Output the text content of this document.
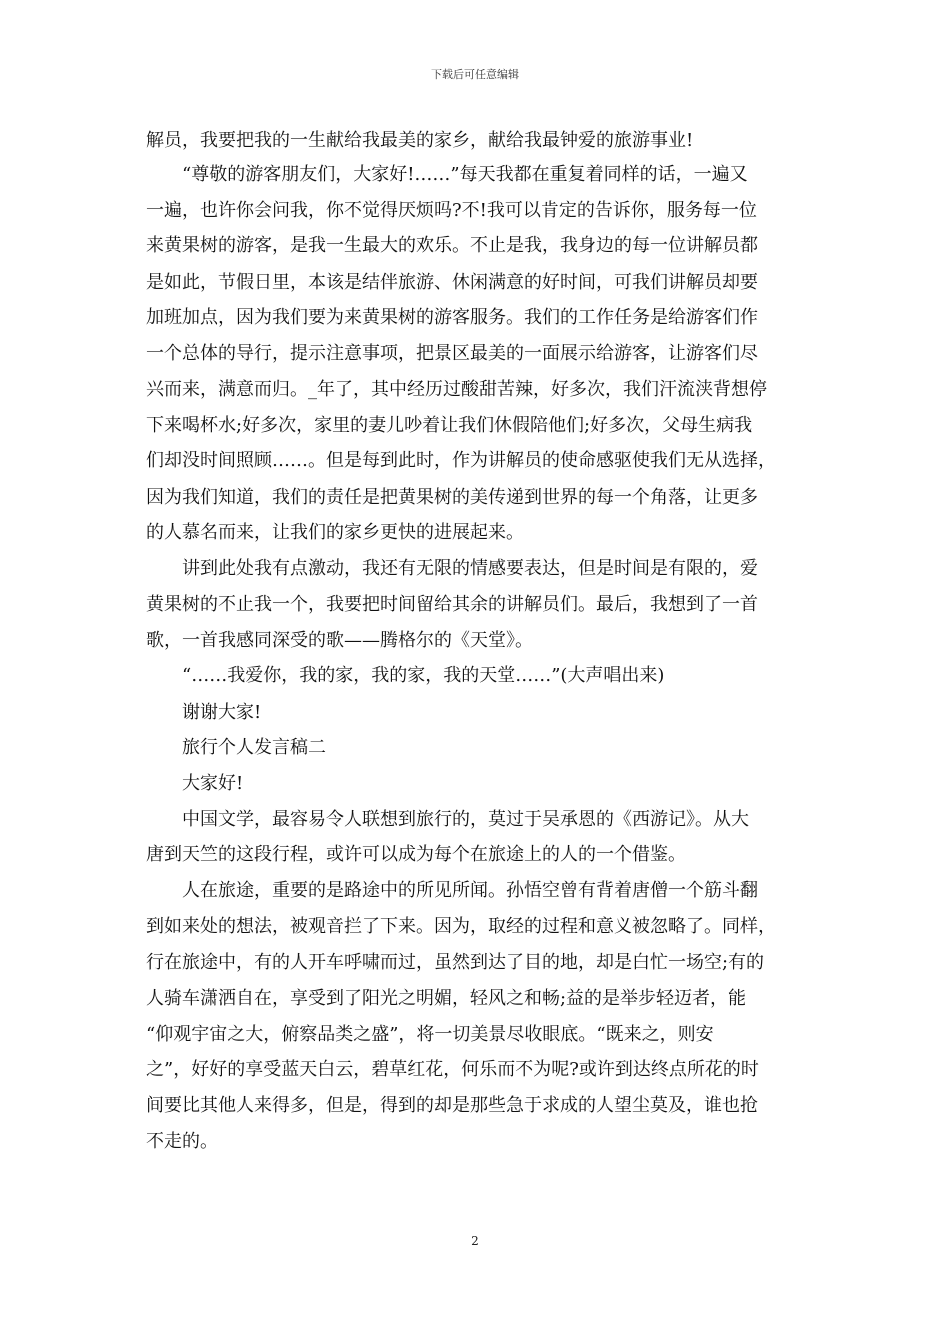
下载后可任意编辑
解员，我要把我的一生献给我最美的家乡，献给我最钟爱的旅游事业!
“尊敬的游客朋友们，大家好!……”每天我都在重复着同样的话，一遍又
一遍，也许你会问我，你不觉得厌烦吗?不!我可以肯定的告诉你，服务每一位
来黄果树的游客，是我一生最大的欢乐。不止是我，我身边的每一位讲解员都
是如此，节假日里，本该是结伴旅游、休闲满意的好时间，可我们讲解员却要
加班加点，因为我们要为来黄果树的游客服务。我们的工作任务是给游客们作
一个总体的导行，提示注意事项，把景区最美的一面展示给游客，让游客们尽
兴而来，满意而归。_年了，其中经历过酸甜苦辣，好多次，我们汗流浃背想停
下来喝杯水;好多次，家里的妻儿吵着让我们休假陪他们;好多次，父母生病我
们却没时间照顾……。但是每到此时，作为讲解员的使命感驱使我们无从选择，
因为我们知道，我们的责任是把黄果树的美传递到世界的每一个角落，让更多
的人慕名而来，让我们的家乡更快的进展起来。
讲到此处我有点激动，我还有无限的情感要表达，但是时间是有限的，爱
黄果树的不止我一个，我要把时间留给其余的讲解员们。最后，我想到了一首
歌，一首我感同深受的歌——腾格尔的《天堂》。
“……我爱你，我的家，我的家，我的天堂……”(大声唱出来)
谢谢大家!
旅行个人发言稿二
大家好!
中国文学，最容易令人联想到旅行的，莫过于吴承恩的《西游记》。从大
唐到天竺的这段行程，或许可以成为每个在旅途上的人的一个借鉴。
人在旅途，重要的是路途中的所见所闻。孙悟空曾有背着唐僧一个筋斗翻
到如来处的想法，被观音拦了下来。因为，取经的过程和意义被忽略了。同样，
行在旅途中，有的人开车呼啸而过，虽然到达了目的地，却是白忙一场空;有的
人骑车潇洒自在，享受到了阳光之明媚，轻风之和畅;益的是举步轻迈者，能
“仰观宇宙之大，俯察品类之盛”，将一切美景尽收眼底。“既来之，则安
之”，好好的享受蓝天白云，碧草红花，何乐而不为呢?或许到达终点所花的时
间要比其他人来得多，但是，得到的却是那些急于求成的人望尘莫及，谁也抢
不走的。
2
